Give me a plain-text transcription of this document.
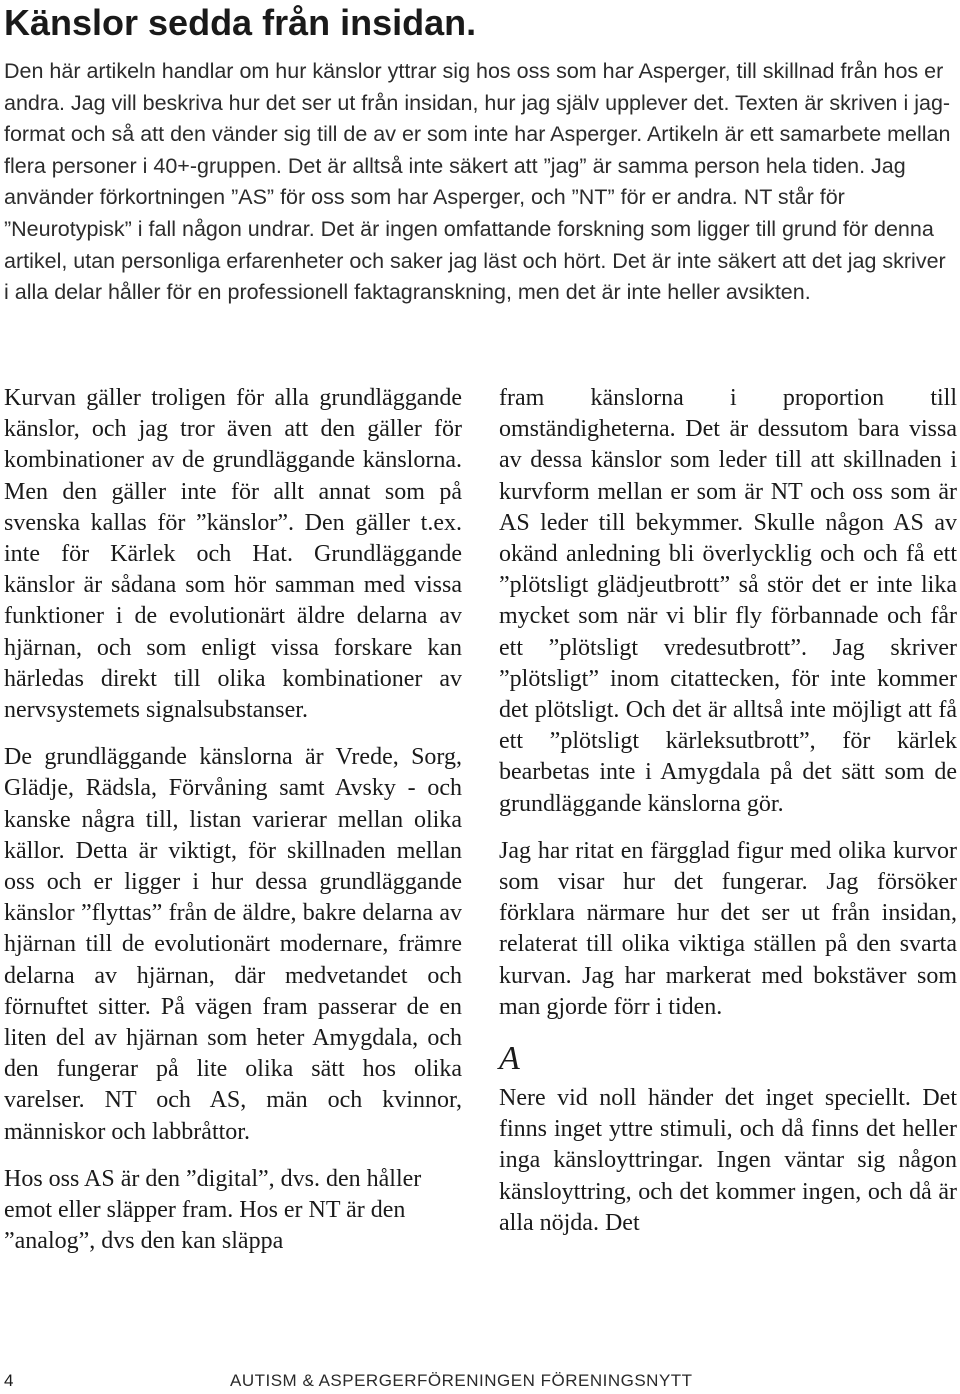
Känslor sedda från insidan.

Den här artikeln handlar om hur känslor yttrar sig hos oss som har Asperger, till skillnad från hos er andra. Jag vill beskriva hur det ser ut från insidan, hur jag själv upplever det. Texten är skriven i jag-format och så att den vänder sig till de av er som inte har Asperger. Artikeln är ett samarbete mellan flera personer i 40+-gruppen. Det är alltså inte säkert att ”jag” är samma person hela tiden. Jag använder förkortningen ”AS” för oss som har Asperger, och ”NT” för er andra. NT står för ”Neurotypisk” i fall någon undrar. Det är ingen omfattande forskning som ligger till grund för denna artikel, utan personliga erfarenheter och saker jag läst och hört. Det är inte säkert att det jag skriver i alla delar håller för en professionell faktagranskning, men det är inte heller avsikten.

Kurvan gäller troligen för alla grundläggande känslor, och jag tror även att den gäller för kombinationer av de grundläggande känslorna. Men den gäller inte för allt annat som på svenska kallas för ”känslor”. Den gäller t.ex. inte för Kärlek och Hat. Grundläggande känslor är sådana som hör samman med vissa funktioner i de evolutionärt äldre delarna av hjärnan, och som enligt vissa forskare kan härledas direkt till olika kombinationer av nervsystemets signalsubstanser.

De grundläggande känslorna är Vrede, Sorg, Glädje, Rädsla, Förvåning samt Avsky - och kanske några till, listan varierar mellan olika källor. Detta är viktigt, för skillnaden mellan oss och er ligger i hur dessa grundläggande känslor ”flyttas” från de äldre, bakre delarna av hjärnan till de evolutionärt modernare, främre delarna av hjärnan, där medvetandet och förnuftet sitter. På vägen fram passerar de en liten del av hjärnan som heter Amygdala, och den fungerar på lite olika sätt hos olika varelser. NT och AS, män och kvinnor, människor och labbråttor.

Hos oss AS är den ”digital”, dvs. den håller emot eller släpper fram. Hos er NT är den ”analog”, dvs den kan släppa

fram känslorna i proportion till omständigheterna. Det är dessutom bara vissa av dessa känslor som leder till att skillnaden i kurvform mellan er som är NT och oss som är AS leder till bekymmer. Skulle någon AS av okänd anledning bli överlycklig och och få ett ”plötsligt glädjeutbrott” så stör det er inte lika mycket som när vi blir fly förbannade och får ett ”plötsligt vredesutbrott”. Jag skriver ”plötsligt” inom citattecken, för inte kommer det plötsligt. Och det är alltså inte möjligt att få ett ”plötsligt kärleksutbrott”, för kärlek bearbetas inte i Amygdala på det sätt som de grundläggande känslorna gör.

Jag har ritat en färgglad figur med olika kurvor som visar hur det fungerar. Jag försöker förklara närmare hur det ser ut från insidan, relaterat till olika viktiga ställen på den svarta kurvan. Jag har markerat med bokstäver som man gjorde förr i tiden.

A

Nere vid noll händer det inget speciellt. Det finns inget yttre stimuli, och då finns det heller inga känsloyttringar. Ingen väntar sig någon känsloyttring, och det kommer ingen, och då är alla nöjda. Det

4	AUTISM & ASPERGERFÖRENINGEN FÖRENINGSNYTT
